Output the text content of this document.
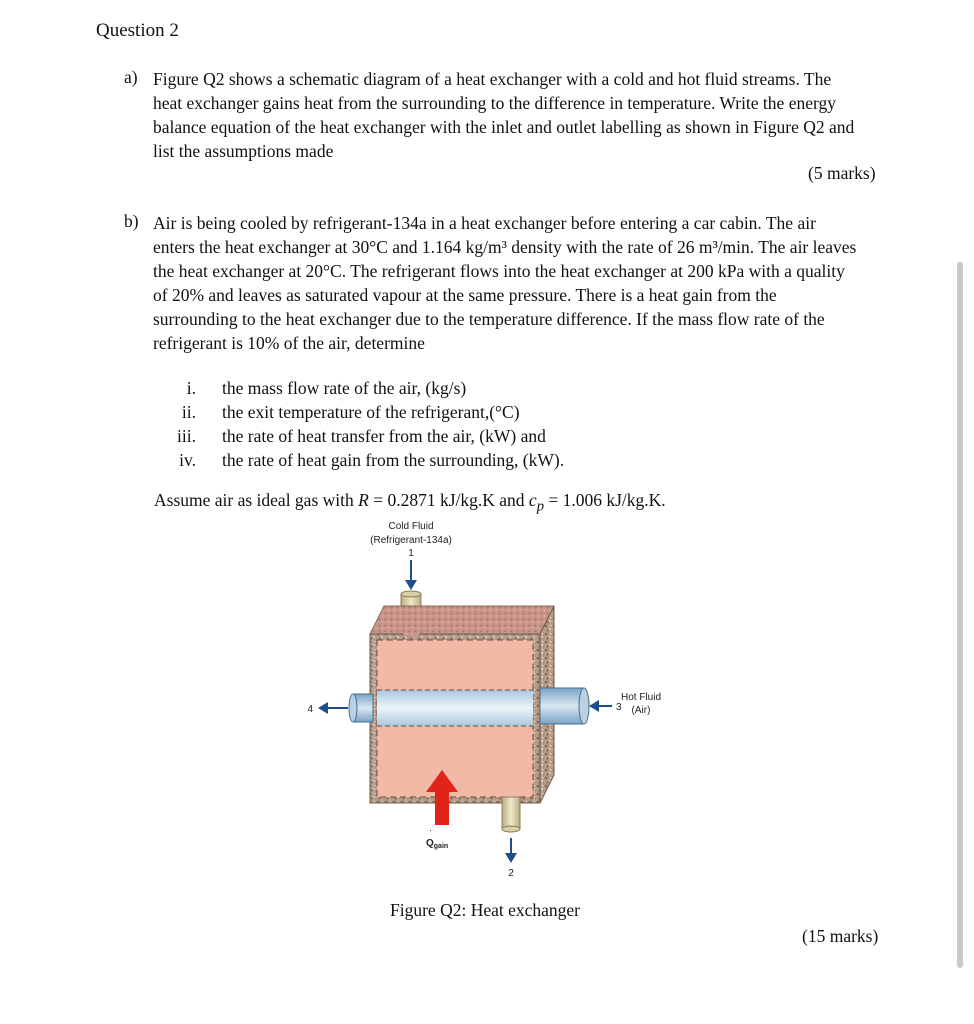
Question 2
a) Figure Q2 shows a schematic diagram of a heat exchanger with a cold and hot fluid streams. The
heat exchanger gains heat from the surrounding to the difference in temperature. Write the energy
balance equation of the heat exchanger with the inlet and outlet labelling as shown in Figure Q2 and
list the assumptions made
(5 marks)
b) Air is being cooled by refrigerant-134a in a heat exchanger before entering a car cabin. The air
enters the heat exchanger at 30°C and 1.164 kg/m³ density with the rate of 26 m³/min. The air leaves
the heat exchanger at 20°C. The refrigerant flows into the heat exchanger at 200 kPa with a quality
of 20% and leaves as saturated vapour at the same pressure. There is a heat gain from the
surrounding to the heat exchanger due to the temperature difference. If the mass flow rate of the
refrigerant is 10% of the air, determine
i. the mass flow rate of the air, (kg/s)
ii. the exit temperature of the refrigerant,(°C)
iii. the rate of heat transfer from the air, (kW) and
iv. the rate of heat gain from the surrounding, (kW).
Assume air as ideal gas with R = 0.2871 kJ/kg.K and $c_p = 1.006$ kJ/kg.K.
Cold Fluid
(Refrigerant-134a)
1
4	3
Hot Fluid
(Air)
2
$Q_{gain}$
·
Figure Q2: Heat exchanger
(15 marks)
